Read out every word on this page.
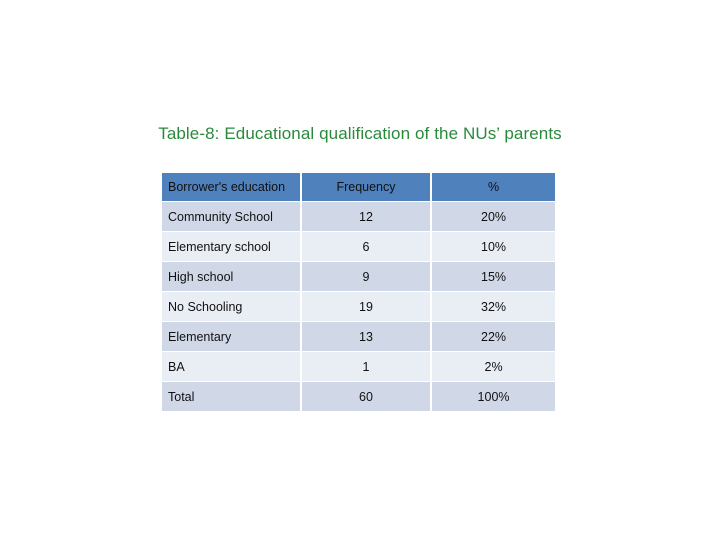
Table-8: Educational qualification of the NUs’ parents
Borrower's education	Frequency	%
Community School	12	20%
Elementary school	6	10%
High school	9	15%
No Schooling	19	32%
Elementary	13	22%
BA	1	2%
Total	60	100%
